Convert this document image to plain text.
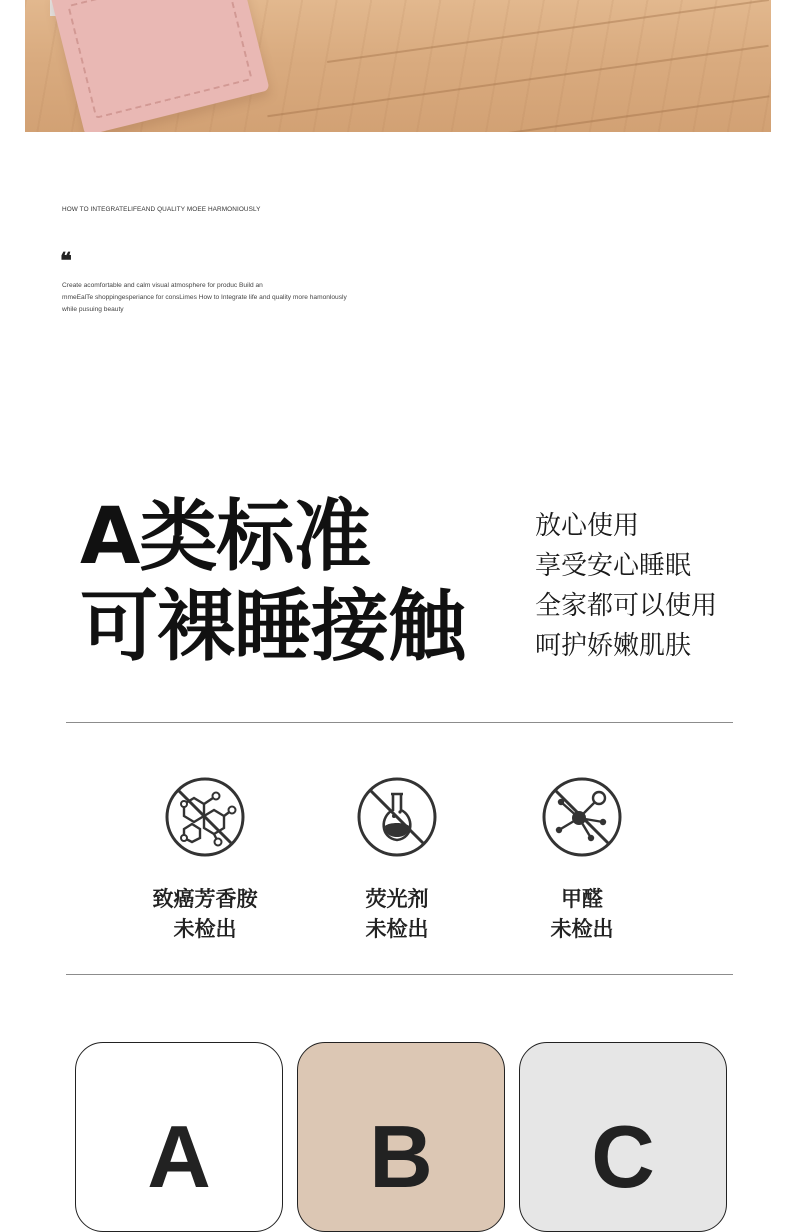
HOW TO INTEGRATELIFEAND QUALITY MOEE HARMONIOUSLY
❝
Create acomfortable and calm visual atmosphere for produc Build an
mmeEalTe shoppingesperiance for consLimes How to Integrate life and quality more hamonlously
while pusuing beauty
A类标准
可裸睡接触
放心使用
享受安心睡眠
全家都可以使用
呵护娇嫩肌肤
致癌芳香胺
未检出
荧光剂
未检出
甲醛
未检出
A B C
